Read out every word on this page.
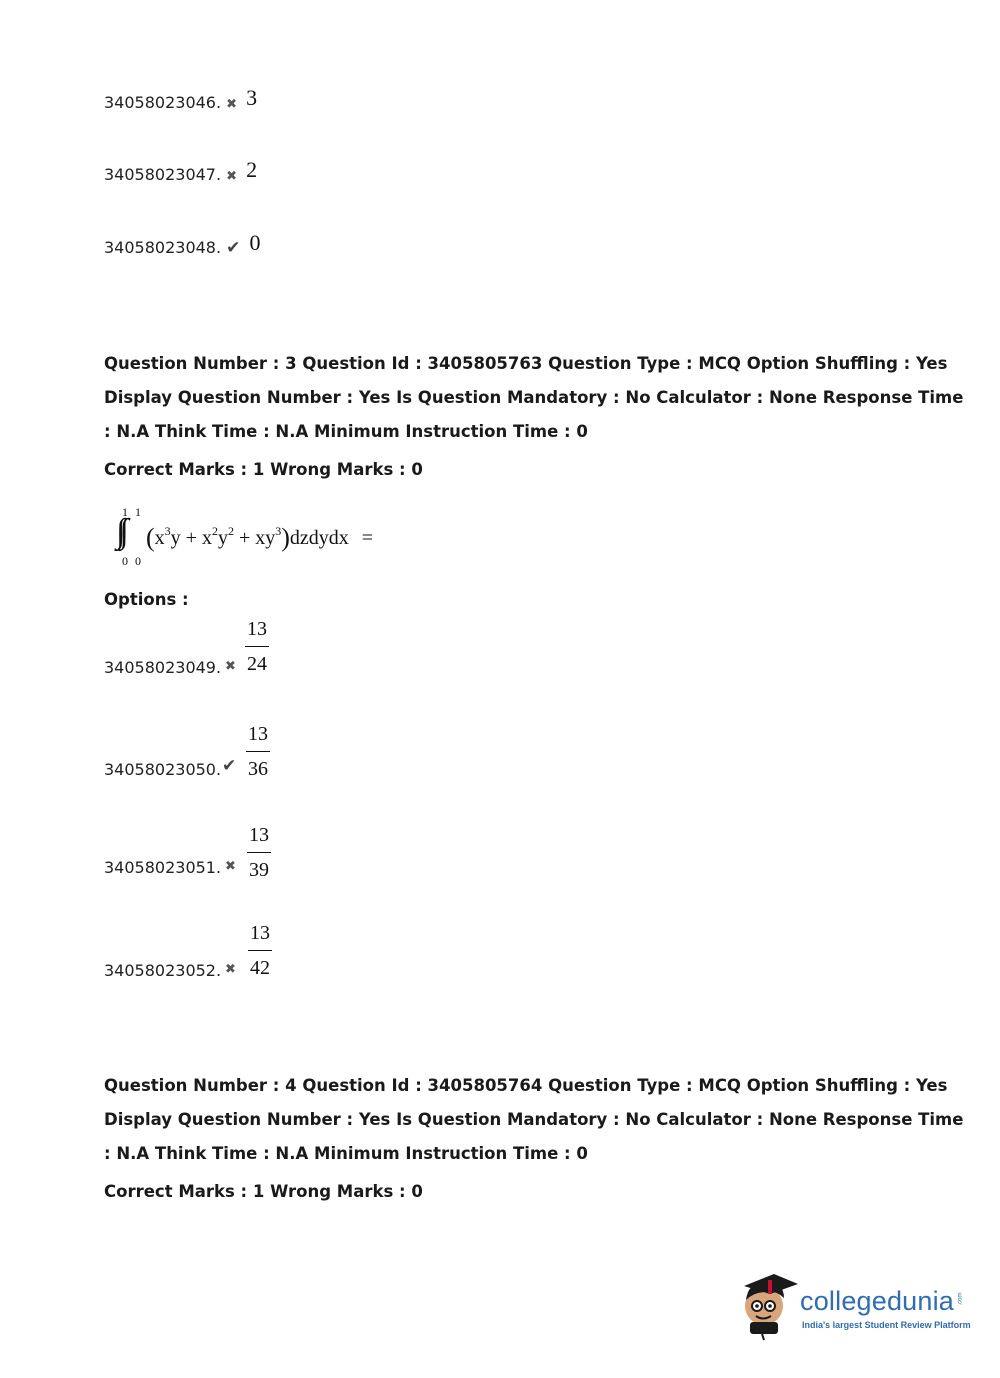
34058023046. ✖ 3
34058023047. ✖ 2
34058023048. ✔ 0
Question Number : 3 Question Id : 3405805763 Question Type : MCQ Option Shuffling : Yes
Display Question Number : Yes Is Question Mandatory : No Calculator : None Response Time
: N.A Think Time : N.A Minimum Instruction Time : 0
Correct Marks : 1 Wrong Marks : 0
1 1
∫∫
0 0
($x^3y + x^2y^2$ + $xy^3)dzdydx$ =
Options :
34058023049. ✖ $\frac{13}{24}$
34058023050. ✔ $\frac{13}{36}$
34058023051. ✖ $\frac{13}{39}$
34058023052. ✖ $\frac{13}{42}$
Question Number : 4 Question Id : 3405805764 Question Type : MCQ Option Shuffling : Yes
Display Question Number : Yes Is Question Mandatory : No Calculator : None Response Time
: N.A Think Time : N.A Minimum Instruction Time : 0
Correct Marks : 1 Wrong Marks : 0
collegedunia .com
India's largest Student Review Platform
